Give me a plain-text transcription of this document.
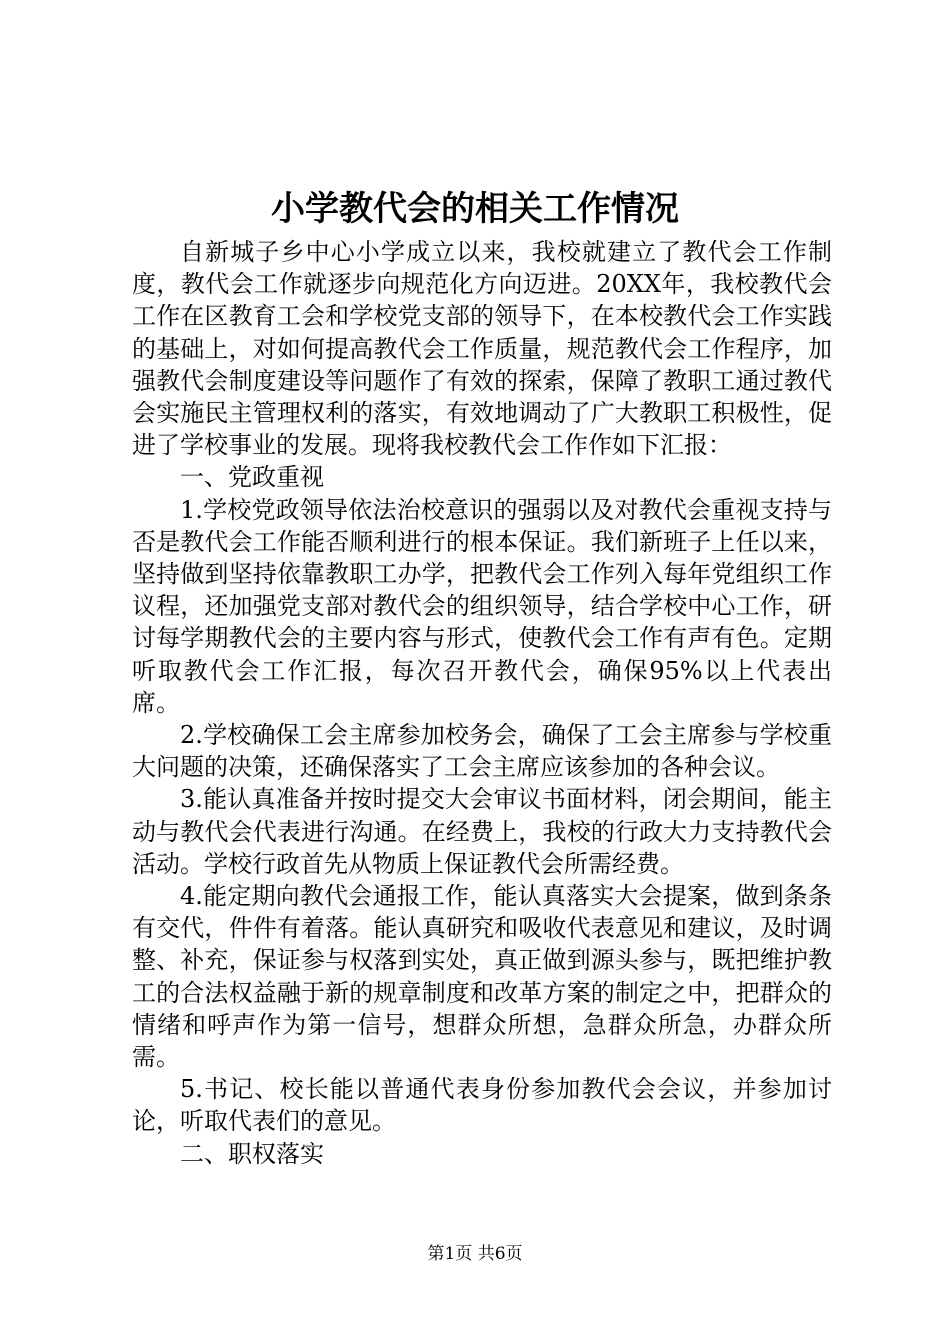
小学教代会的相关工作情况

自新城子乡中心小学成立以来，我校就建立了教代会工作制度，教代会工作就逐步向规范化方向迈进。20XX年，我校教代会工作在区教育工会和学校党支部的领导下，在本校教代会工作实践的基础上，对如何提高教代会工作质量，规范教代会工作程序，加强教代会制度建设等问题作了有效的探索，保障了教职工通过教代会实施民主管理权利的落实，有效地调动了广大教职工积极性，促进了学校事业的发展。现将我校教代会工作作如下汇报：

一、党政重视

1.学校党政领导依法治校意识的强弱以及对教代会重视支持与否是教代会工作能否顺利进行的根本保证。我们新班子上任以来，坚持做到坚持依靠教职工办学，把教代会工作列入每年党组织工作议程，还加强党支部对教代会的组织领导，结合学校中心工作，研讨每学期教代会的主要内容与形式，使教代会工作有声有色。定期听取教代会工作汇报，每次召开教代会，确保95%以上代表出席。

2.学校确保工会主席参加校务会，确保了工会主席参与学校重大问题的决策，还确保落实了工会主席应该参加的各种会议。

3.能认真准备并按时提交大会审议书面材料，闭会期间，能主动与教代会代表进行沟通。在经费上，我校的行政大力支持教代会活动。学校行政首先从物质上保证教代会所需经费。

4.能定期向教代会通报工作，能认真落实大会提案，做到条条有交代，件件有着落。能认真研究和吸收代表意见和建议，及时调整、补充，保证参与权落到实处，真正做到源头参与，既把维护教工的合法权益融于新的规章制度和改革方案的制定之中，把群众的情绪和呼声作为第一信号，想群众所想，急群众所急，办群众所需。

5.书记、校长能以普通代表身份参加教代会会议，并参加讨论，听取代表们的意见。

二、职权落实

第1页 共6页
